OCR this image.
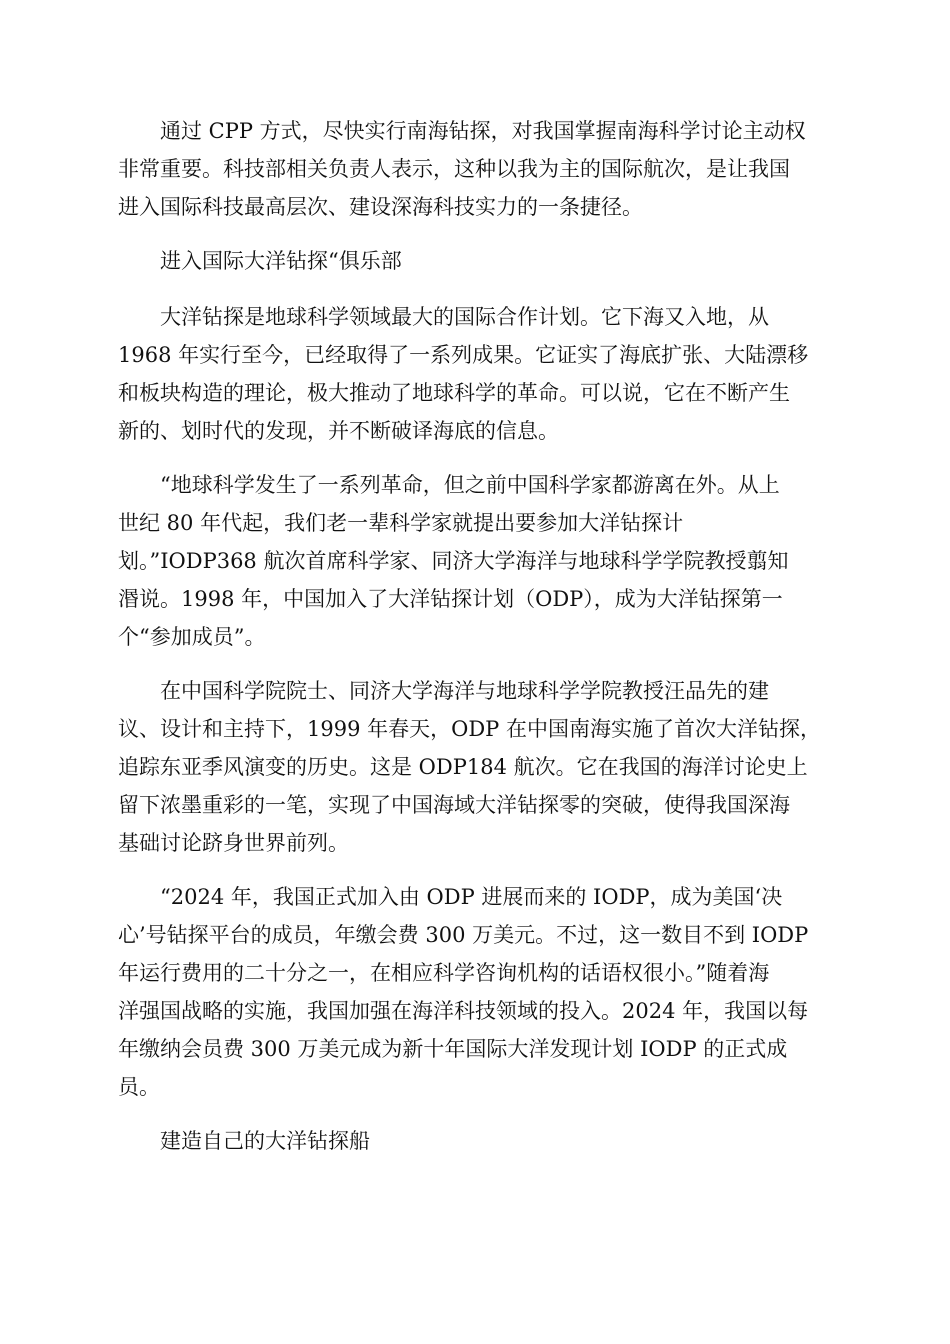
通过 CPP 方式，尽快实行南海钻探，对我国掌握南海科学讨论主动权
非常重要。科技部相关负责人表示，这种以我为主的国际航次，是让我国
进入国际科技最高层次、建设深海科技实力的一条捷径。
进入国际大洋钻探“俱乐部
大洋钻探是地球科学领域最大的国际合作计划。它下海又入地，从
1968 年实行至今，已经取得了一系列成果。它证实了海底扩张、大陆漂移
和板块构造的理论，极大推动了地球科学的革命。可以说，它在不断产生
新的、划时代的发现，并不断破译海底的信息。
“地球科学发生了一系列革命，但之前中国科学家都游离在外。从上
世纪 80 年代起，我们老一辈科学家就提出要参加大洋钻探计
划。”IODP368 航次首席科学家、同济大学海洋与地球科学学院教授翦知
湣说。1998 年，中国加入了大洋钻探计划（ODP），成为大洋钻探第一
个“参加成员”。
在中国科学院院士、同济大学海洋与地球科学学院教授汪品先的建
议、设计和主持下，1999 年春天，ODP 在中国南海实施了首次大洋钻探，
追踪东亚季风演变的历史。这是 ODP184 航次。它在我国的海洋讨论史上
留下浓墨重彩的一笔，实现了中国海域大洋钻探零的突破，使得我国深海
基础讨论跻身世界前列。
“2024 年，我国正式加入由 ODP 进展而来的 IODP，成为美国‘决
心’号钻探平台的成员，年缴会费 300 万美元。不过，这一数目不到 IODP
年运行费用的二十分之一，在相应科学咨询机构的话语权很小。”随着海
洋强国战略的实施，我国加强在海洋科技领域的投入。2024 年，我国以每
年缴纳会员费 300 万美元成为新十年国际大洋发现计划 IODP 的正式成
员。
建造自己的大洋钻探船
